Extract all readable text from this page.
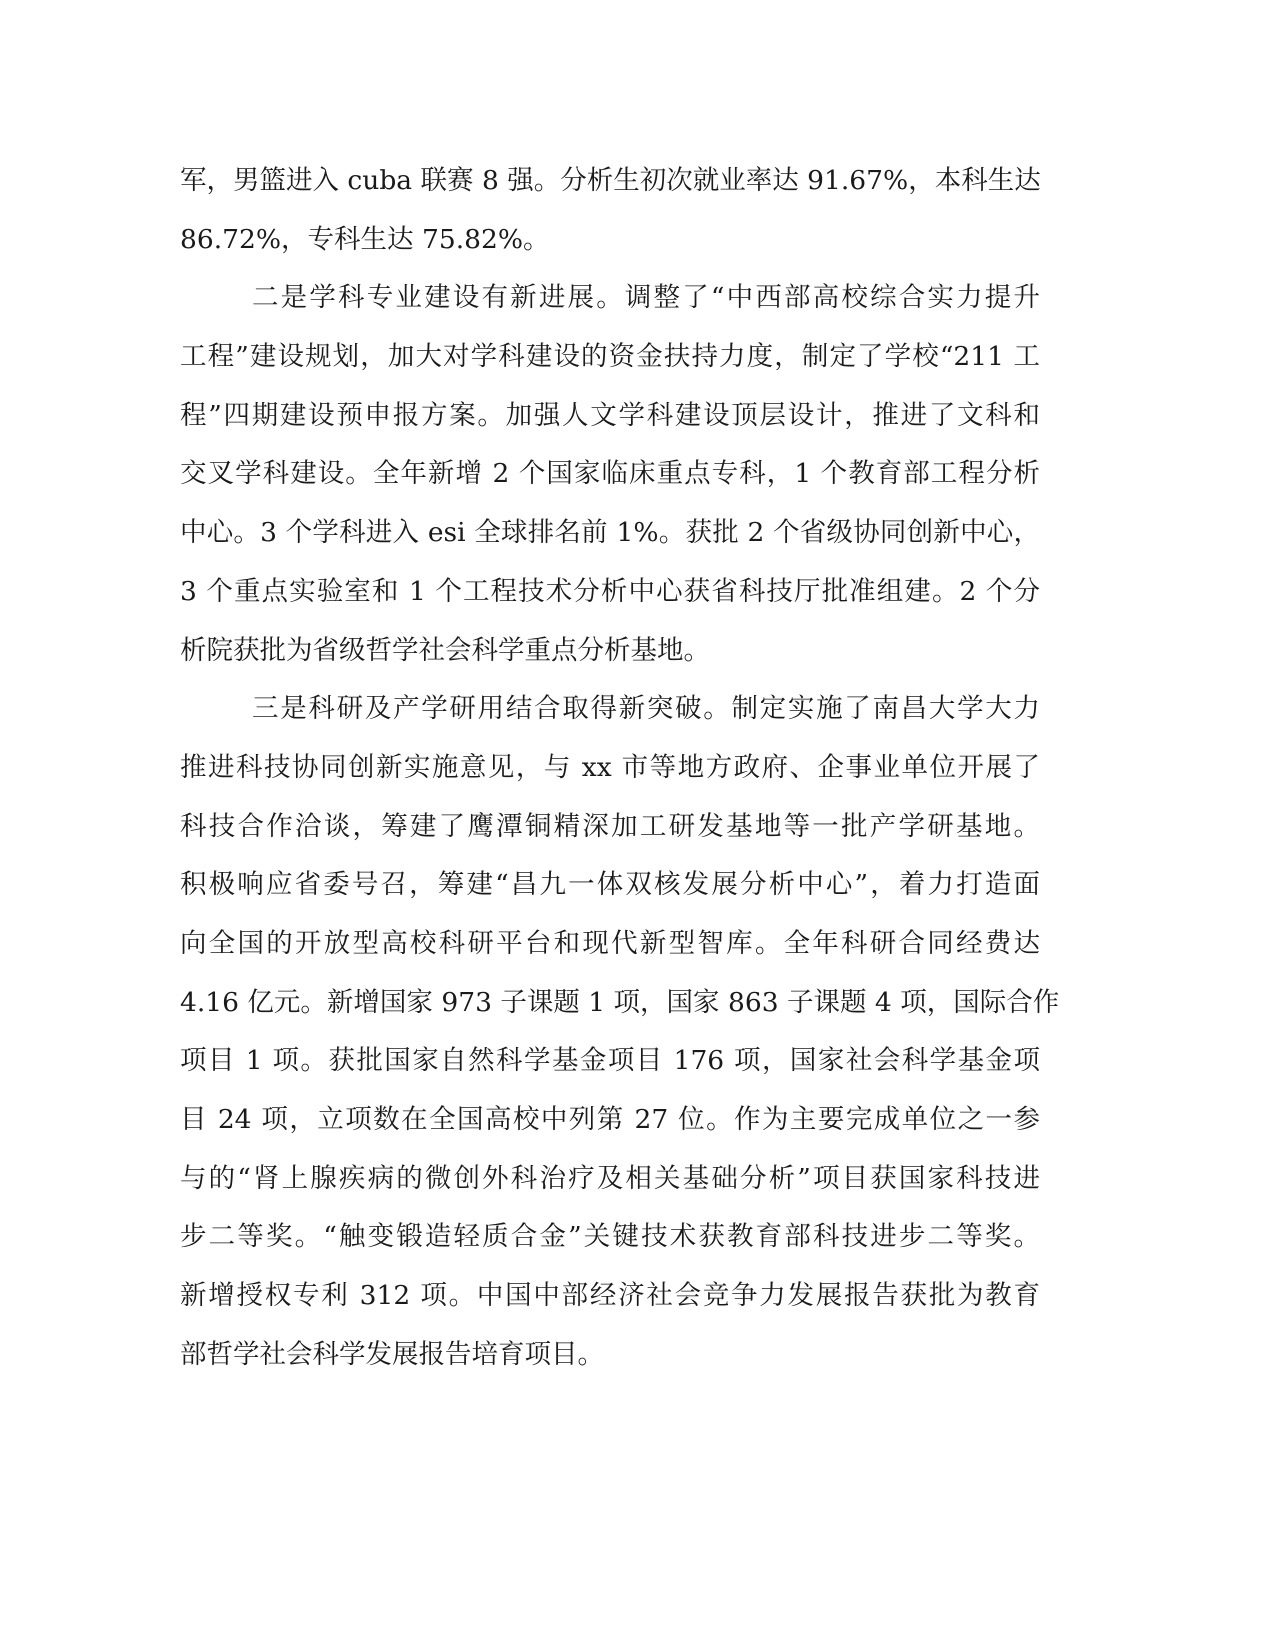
军，男篮进入 cuba 联赛 8 强。分析生初次就业率达 91.67%，本科生达
86.72%，专科生达 75.82%。
二是学科专业建设有新进展。调整了“中西部高校综合实力提升
工程”建设规划，加大对学科建设的资金扶持力度，制定了学校“211 工
程”四期建设预申报方案。加强人文学科建设顶层设计，推进了文科和
交叉学科建设。全年新增 2 个国家临床重点专科，1 个教育部工程分析
中心。3 个学科进入 esi 全球排名前 1%。获批 2 个省级协同创新中心，
3 个重点实验室和 1 个工程技术分析中心获省科技厅批准组建。2 个分
析院获批为省级哲学社会科学重点分析基地。
三是科研及产学研用结合取得新突破。制定实施了南昌大学大力
推进科技协同创新实施意见，与 xx 市等地方政府、企事业单位开展了
科技合作洽谈，筹建了鹰潭铜精深加工研发基地等一批产学研基地。
积极响应省委号召，筹建“昌九一体双核发展分析中心”，着力打造面
向全国的开放型高校科研平台和现代新型智库。全年科研合同经费达
4.16 亿元。新增国家 973 子课题 1 项，国家 863 子课题 4 项，国际合作
项目 1 项。获批国家自然科学基金项目 176 项，国家社会科学基金项
目 24 项，立项数在全国高校中列第 27 位。作为主要完成单位之一参
与的“肾上腺疾病的微创外科治疗及相关基础分析”项目获国家科技进
步二等奖。“触变锻造轻质合金”关键技术获教育部科技进步二等奖。
新增授权专利 312 项。中国中部经济社会竞争力发展报告获批为教育
部哲学社会科学发展报告培育项目。
